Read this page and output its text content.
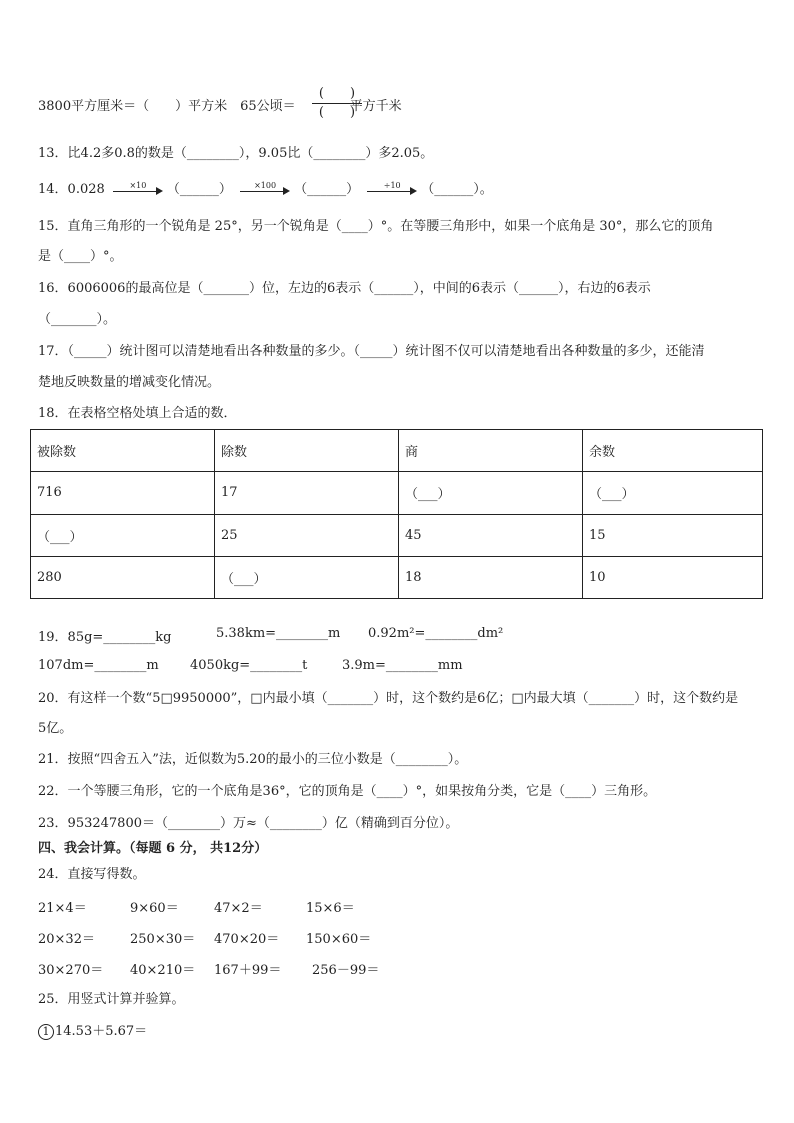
3800平方厘米＝（　　）平方米　65公顷＝	平方千米
(　　)
(　　)
13．比4.2多0.8的数是（________），9.05比（________）多2.05。
14．0.028	×10	（______）	×100	（______）	÷10	（______）。
15．直角三角形的一个锐角是 25°，另一个锐角是（____）°。在等腰三角形中，如果一个底角是 30°，那么它的顶角
是（____）°。
16．6006006的最高位是（_______）位，左边的6表示（______），中间的6表示（______），右边的6表示
（_______）。
17．（_____）统计图可以清楚地看出各种数量的多少。（_____）统计图不仅可以清楚地看出各种数量的多少，还能清
楚地反映数量的增减变化情况。
18．在表格空格处填上合适的数．
被除数	除数	商	余数
716	17	（___）	（___）
（___）	25	45	15
280	（___）	18	10
19．85g=________kg	5.38km=________m 0.92m²=________dm²
107dm=________m 4050kg=________t	3.9m=________mm
20．有这样一个数“5□9950000”，□内最小填（_______）时，这个数约是6亿；□内最大填（_______）时，这个数约是
5亿。
21．按照“四舍五入”法，近似数为5.20的最小的三位小数是（________）。
22．一个等腰三角形，它的一个底角是36°，它的顶角是（____）°，如果按角分类，它是（____）三角形。
23．953247800＝（________）万≈（________）亿（精确到百分位）。
四、我会计算。（每题 6 分， 共12分）
24．直接写得数。
21×4＝	9×60＝	47×2＝	15×6＝
20×32＝	250×30＝ 470×20＝ 150×60＝
30×270＝ 40×210＝ 167＋99＝ 256－99＝
25．用竖式计算并验算。
1 14.53＋5.67＝
